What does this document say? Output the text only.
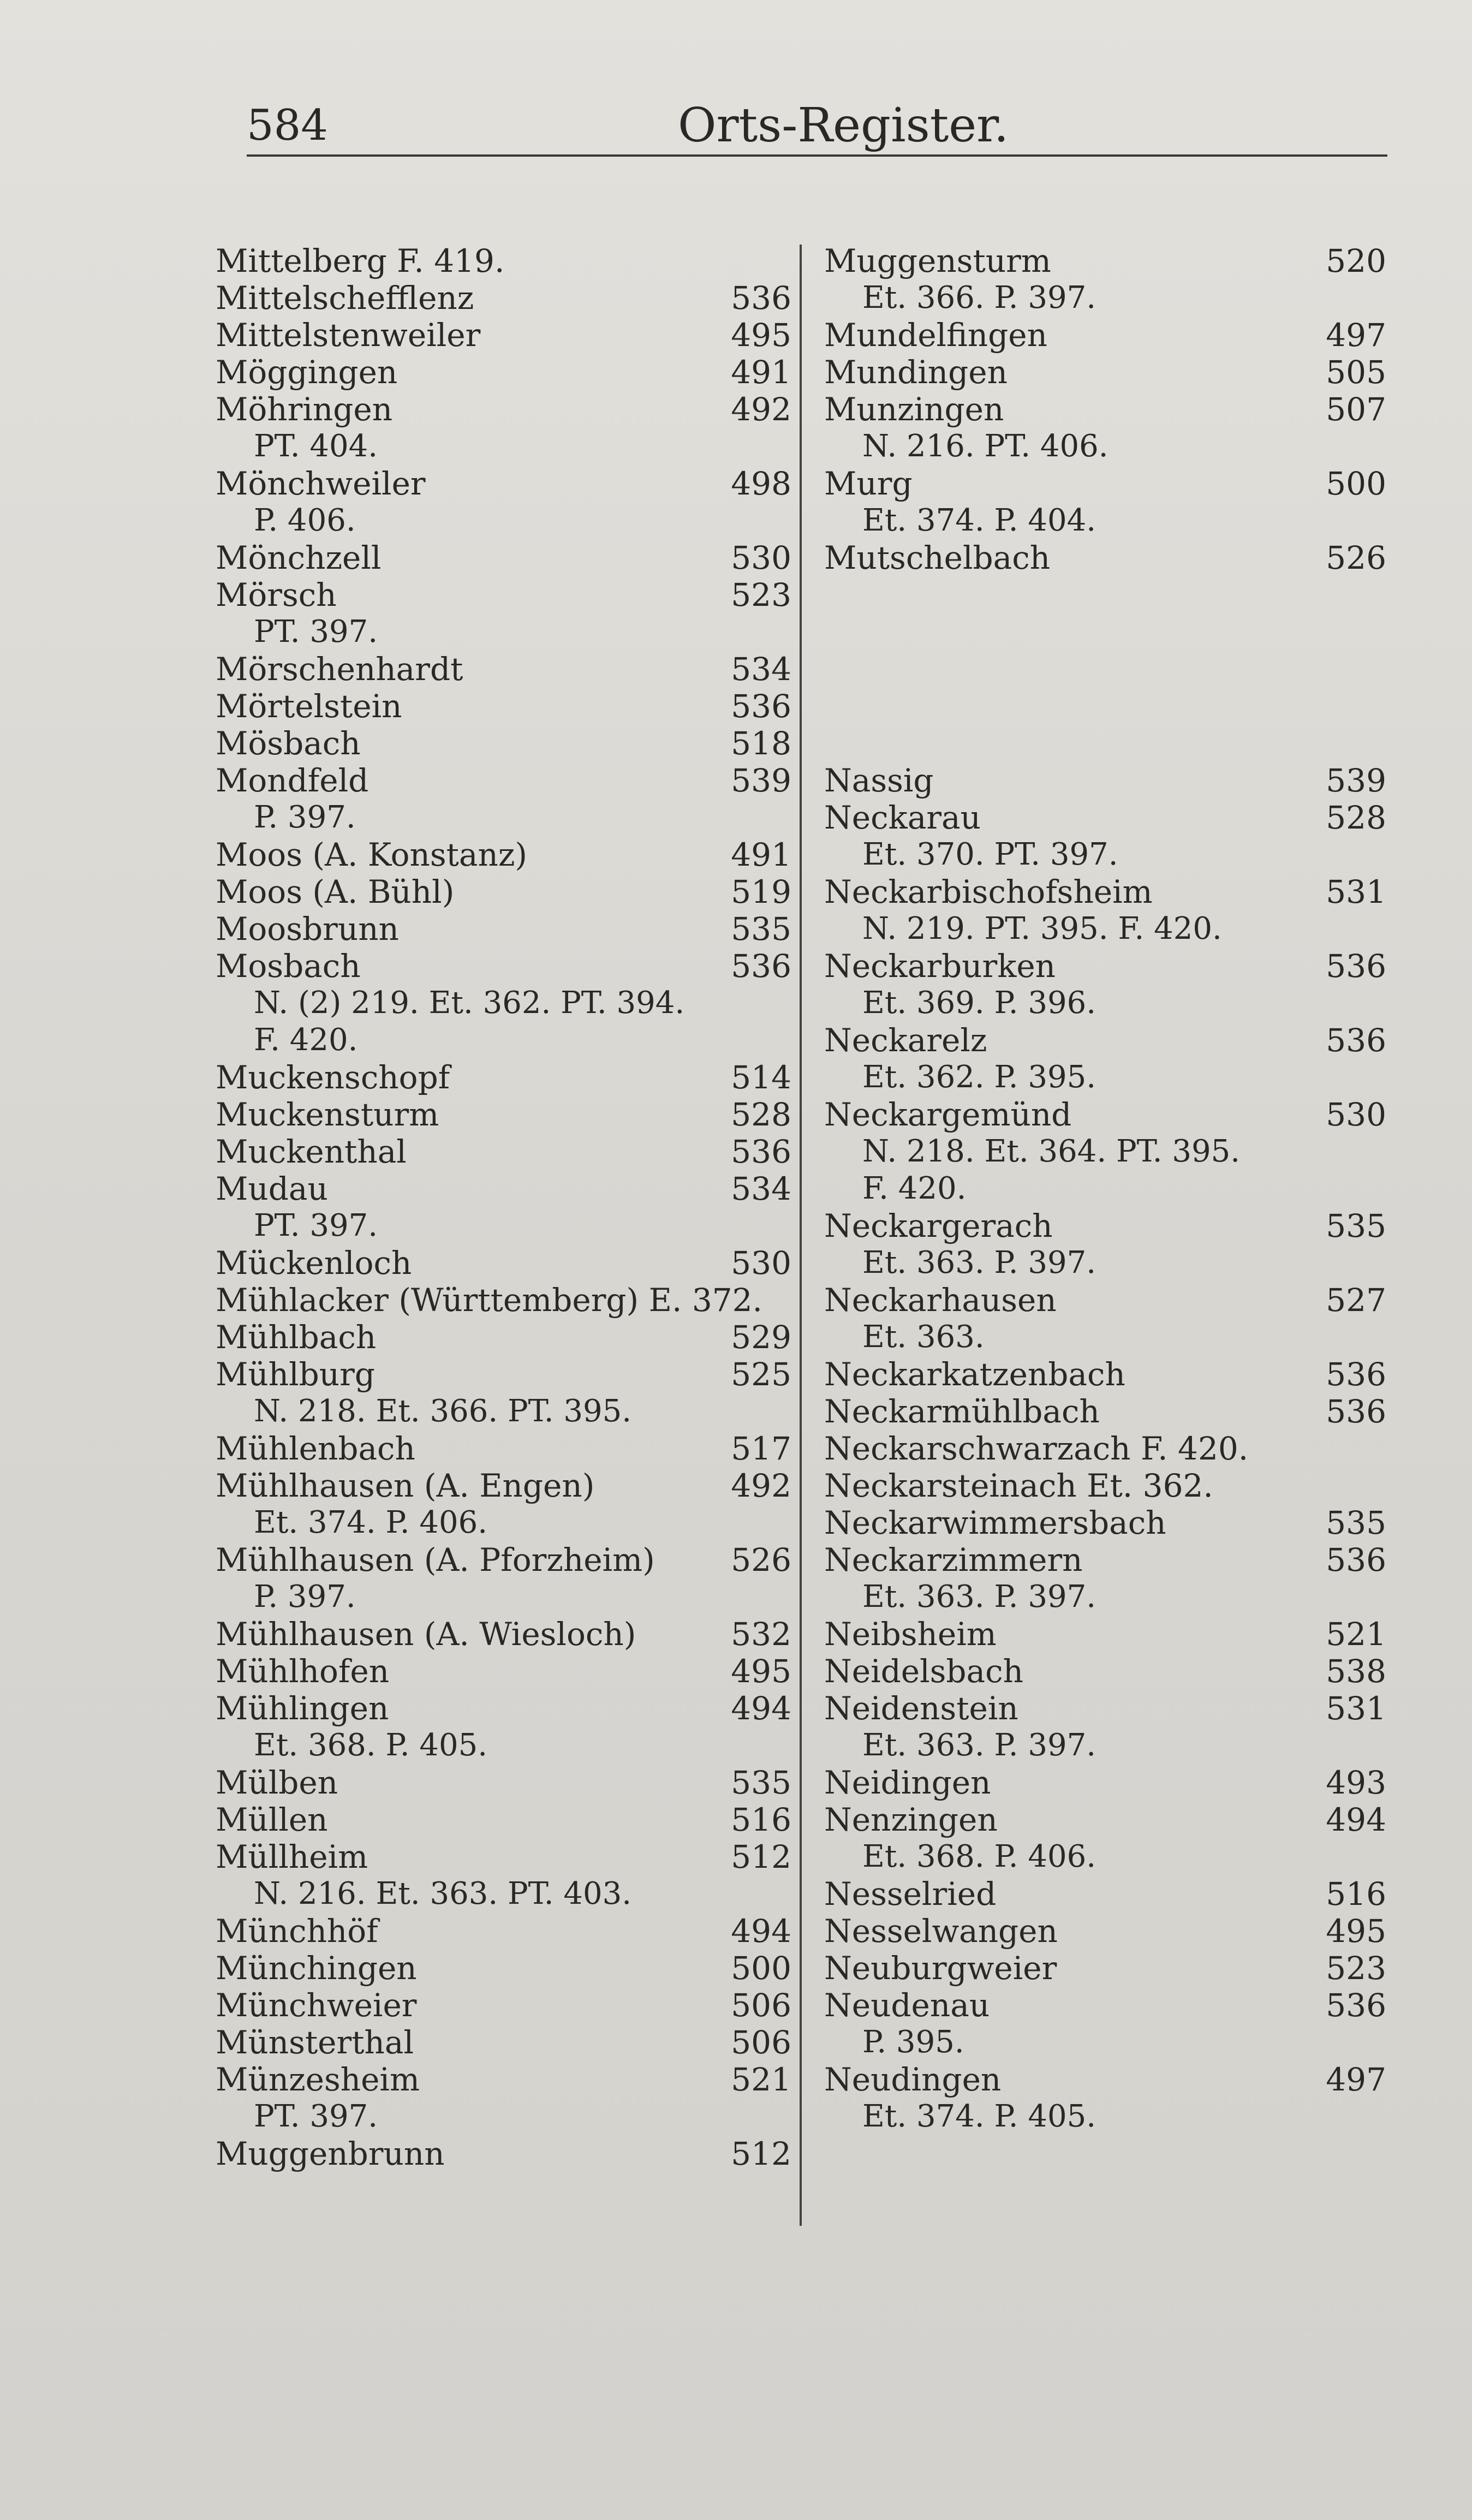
584	Orts-Register.
Mittelberg F. 419.
Mittelschefflenz	536
Mittelstenweiler	495
Möggingen	491
Möhringen	492
PT. 404.
Mönchweiler	498
P. 406.
Mönchzell	530
Mörsch	523
PT. 397.
Mörschenhardt	534
Mörtelstein	536
Mösbach	518
Mondfeld	539
P. 397.
Moos (A. Konstanz)	491
Moos (A. Bühl)	519
Moosbrunn	535
Mosbach	536
N. (2) 219. Et. 362. PT. 394.
F. 420.
Muckenschopf	514
Muckensturm	528
Muckenthal	536
Mudau	534
PT. 397.
Mückenloch	530
Mühlacker (Württemberg) E. 372.
Mühlbach	529
Mühlburg	525
N. 218. Et. 366. PT. 395.
Mühlenbach	517
Mühlhausen (A. Engen)	492
Et. 374. P. 406.
Mühlhausen (A. Pforzheim) 526
P. 397.
Mühlhausen (A. Wiesloch)	532
Mühlhofen	495
Mühlingen	494
Et. 368. P. 405.
Mülben	535
Müllen	516
Müllheim	512
N. 216. Et. 363. PT. 403.
Münchhöf	494
Münchingen	500
Münchweier	506
Münsterthal	506
Münzesheim	521
PT. 397.
Muggenbrunn	512
Muggensturm	520
Et. 366. P. 397.
Mundelfingen	497
Mundingen	505
Munzingen	507
N. 216. PT. 406.
Murg	500
Et. 374. P. 404.
Mutschelbach	526
Nassig	539
Neckarau	528
Et. 370. PT. 397.
Neckarbischofsheim	531
N. 219. PT. 395. F. 420.
Neckarburken	536
Et. 369. P. 396.
Neckarelz	536
Et. 362. P. 395.
Neckargemünd	530
N. 218. Et. 364. PT. 395.
F. 420.
Neckargerach	535
Et. 363. P. 397.
Neckarhausen	527
Et. 363.
Neckarkatzenbach	536
Neckarmühlbach	536
Neckarschwarzach F. 420.
Neckarsteinach Et. 362.
Neckarwimmersbach	535
Neckarzimmern	536
Et. 363. P. 397.
Neibsheim	521
Neidelsbach	538
Neidenstein	531
Et. 363. P. 397.
Neidingen	493
Nenzingen	494
Et. 368. P. 406.
Nesselried	516
Nesselwangen	495
Neuburgweier	523
Neudenau	536
P. 395.
Neudingen	497
Et. 374. P. 405.
